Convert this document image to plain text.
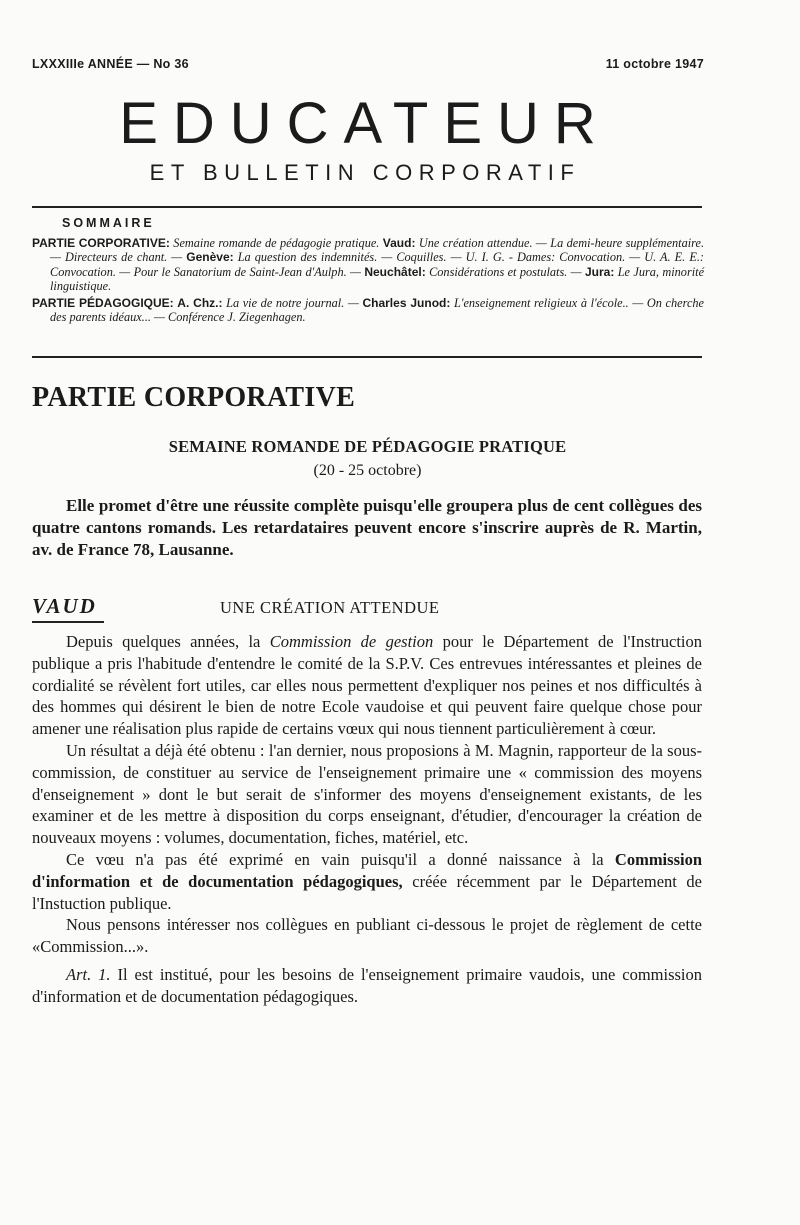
LXXXIIIe ANNÉE — No 36	11 octobre 1947
EDUCATEUR
ET BULLETIN CORPORATIF
SOMMAIRE
PARTIE CORPORATIVE: Semaine romande de pédagogie pratique. Vaud: Une création attendue. — La demi-heure supplémentaire. — Directeurs de chant. — Genève: La question des indemnités. — Coquilles. — U. I. G. - Dames: Convocation. — U. A. E. E.: Convocation. — Pour le Sanatorium de Saint-Jean d'Aulph. — Neuchâtel: Considérations et postulats. — Jura: Le Jura, minorité linguistique.
PARTIE PÉDAGOGIQUE: A. Chz.: La vie de notre journal. — Charles Junod: L'enseignement religieux à l'école.. — On cherche des parents idéaux... — Conférence J. Ziegenhagen.
PARTIE CORPORATIVE
SEMAINE ROMANDE DE PÉDAGOGIE PRATIQUE
(20 - 25 octobre)
Elle promet d'être une réussite complète puisqu'elle groupera plus de cent collègues des quatre cantons romands. Les retardataires peuvent encore s'inscrire auprès de R. Martin, av. de France 78, Lausanne.
VAUD	UNE CRÉATION ATTENDUE

Depuis quelques années, la Commission de gestion pour le Département de l'Instruction publique a pris l'habitude d'entendre le comité de la S.P.V. Ces entrevues intéressantes et pleines de cordialité se révèlent fort utiles, car elles nous permettent d'expliquer nos peines et nos difficultés à des hommes qui désirent le bien de notre Ecole vaudoise et qui peuvent faire quelque chose pour amener une réalisation plus rapide de certains vœux qui nous tiennent particulièrement à cœur.

Un résultat a déjà été obtenu : l'an dernier, nous proposions à M. Magnin, rapporteur de la sous-commission, de constituer au service de l'enseignement primaire une « commission des moyens d'enseignement » dont le but serait de s'informer des moyens d'enseignement existants, de les examiner et de les mettre à disposition du corps enseignant, d'étudier, d'encourager la création de nouveaux moyens : volumes, documentation, fiches, matériel, etc.

Ce vœu n'a pas été exprimé en vain puisqu'il a donné naissance à la Commission d'information et de documentation pédagogiques, créée récemment par le Département de l'Instuction publique.

Nous pensons intéresser nos collègues en publiant ci-dessous le projet de règlement de cette «Commission...».

Art. 1. Il est institué, pour les besoins de l'enseignement primaire vaudois, une commission d'information et de documentation pédagogiques.
